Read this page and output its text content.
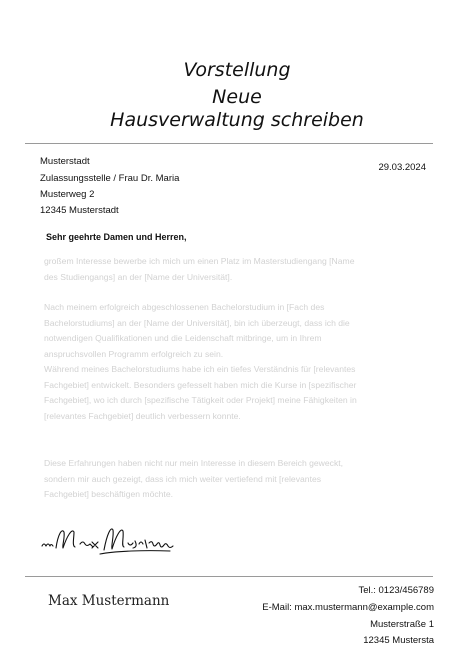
Vorstellung
Neue
Hausverwaltung schreiben
Musterstadt
Zulassungsstelle / Frau Dr. Maria
Musterweg 2
12345 Musterstadt
29.03.2024
Sehr geehrte Damen und Herren,
großem Interesse bewerbe ich mich um einen Platz im Masterstudiengang [Name
des Studiengangs] an der [Name der Universität].
Nach meinem erfolgreich abgeschlossenen Bachelorstudium in [Fach des
Bachelorstudiums] an der [Name der Universität], bin ich überzeugt, dass ich die
notwendigen Qualifikationen und die Leidenschaft mitbringe, um in Ihrem
anspruchsvollen Programm erfolgreich zu sein.
Während meines Bachelorstudiums habe ich ein tiefes Verständnis für [relevantes
Fachgebiet] entwickelt. Besonders gefesselt haben mich die Kurse in [spezifischer
Fachgebiet], wo ich durch [spezifische Tätigkeit oder Projekt] meine Fähigkeiten in
[relevantes Fachgebiet] deutlich verbessern konnte.
Diese Erfahrungen haben nicht nur mein Interesse in diesem Bereich geweckt,
sondern mir auch gezeigt, dass ich mich weiter vertiefend mit [relevantes
Fachgebiet] beschäftigen möchte.
Max Mustermann
Tel.: 0123/456789
E-Mail: max.mustermann@example.com
Musterstraße 1
12345 Mustersta
